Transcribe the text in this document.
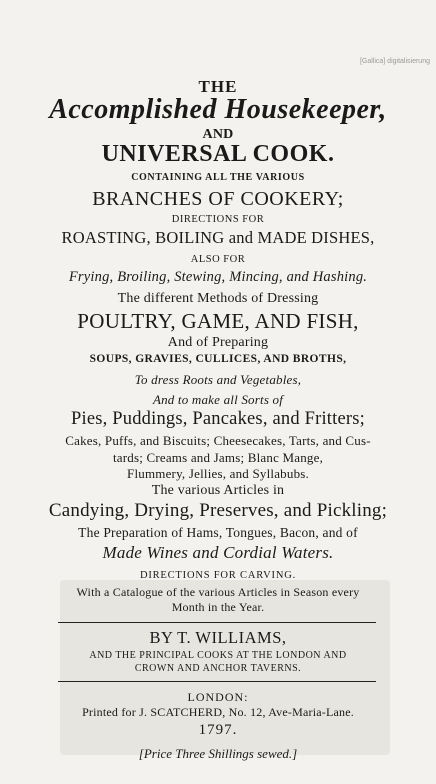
[Gallica] digitalisierung
THE
Accomplished Housekeeper,
AND
UNIVERSAL COOK.
CONTAINING ALL THE VARIOUS
BRANCHES OF COOKERY;
DIRECTIONS FOR
ROASTING, BOILING and MADE DISHES,
ALSO FOR
Frying, Broiling, Stewing, Mincing, and Hashing.
The different Methods of Dressing
POULTRY, GAME, AND FISH,
And of Preparing
SOUPS, GRAVIES, CULLICES, AND BROTHS,
To dress Roots and Vegetables,
And to make all Sorts of
Pies, Puddings, Pancakes, and Fritters;
Cakes, Puffs, and Biscuits; Cheesecakes, Tarts, and Cus-
tards; Creams and Jams; Blanc Mange,
Flummery, Jellies, and Syllabubs.
The various Articles in
Candying, Drying, Preserves, and Pickling;
The Preparation of Hams, Tongues, Bacon, and of
Made Wines and Cordial Waters.
DIRECTIONS FOR CARVING.
With a Catalogue of the various Articles in Season every
Month in the Year.
BY T. WILLIAMS,
AND THE PRINCIPAL COOKS AT THE LONDON AND
CROWN AND ANCHOR TAVERNS.
LONDON:
Printed for J. SCATCHERD, No. 12, Ave-Maria-Lane.
1797.
[Price Three Shillings sewed.]
